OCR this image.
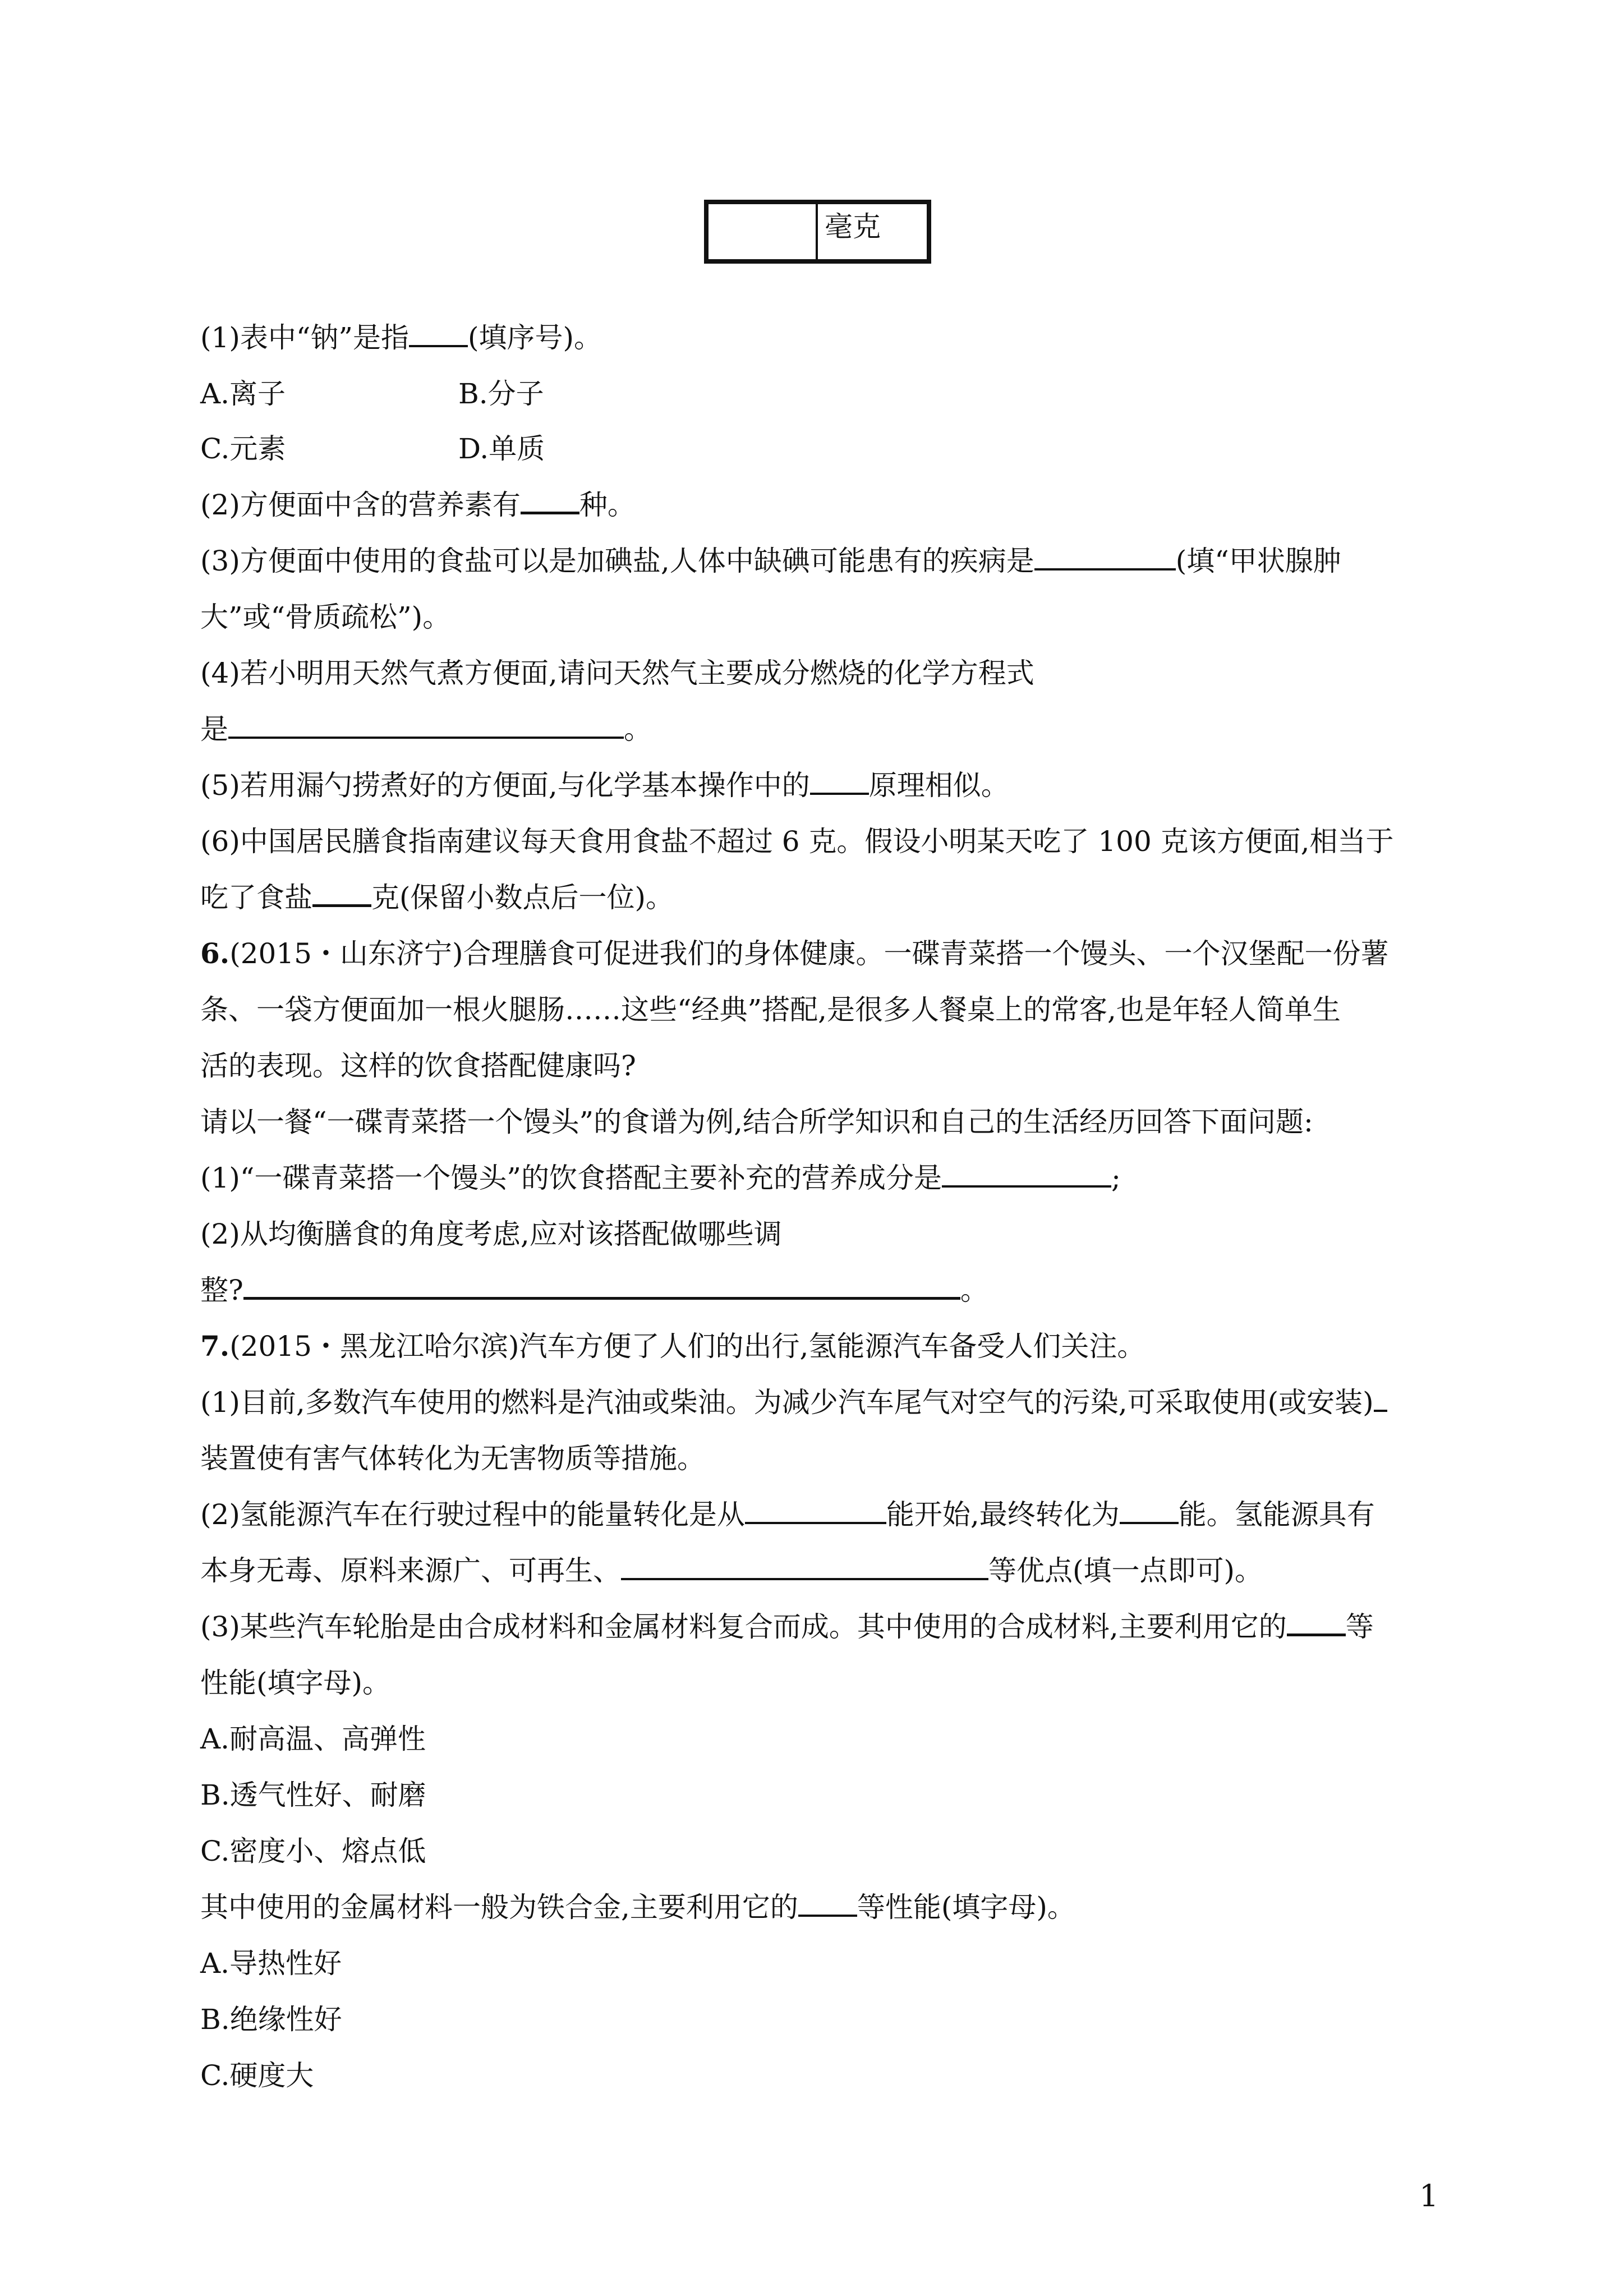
毫克
(1)表中“钠”是指 (填序号)。
A.离子	B.分子
C.元素	D.单质
(2)方便面中含的营养素有 种。
(3)方便面中使用的食盐可以是加碘盐,人体中缺碘可能患有的疾病是	(填“甲状腺肿
大”或“骨质疏松”)。
(4)若小明用天然气煮方便面,请问天然气主要成分燃烧的化学方程式
是	。
(5)若用漏勺捞煮好的方便面,与化学基本操作中的 原理相似。
(6)中国居民膳食指南建议每天食用食盐不超过 6 克。假设小明某天吃了 100 克该方便面,相当于
吃了食盐 克(保留小数点后一位)。
6.(2015・山东济宁)合理膳食可促进我们的身体健康。一碟青菜搭一个馒头、一个汉堡配一份薯
条、一袋方便面加一根火腿肠……这些“经典”搭配,是很多人餐桌上的常客,也是年轻人简单生
活的表现。这样的饮食搭配健康吗?
请以一餐“一碟青菜搭一个馒头”的食谱为例,结合所学知识和自己的生活经历回答下面问题:
(1)“一碟青菜搭一个馒头”的饮食搭配主要补充的营养成分是	;
(2)从均衡膳食的角度考虑,应对该搭配做哪些调
整?	。
7.(2015・黑龙江哈尔滨)汽车方便了人们的出行,氢能源汽车备受人们关注。
(1)目前,多数汽车使用的燃料是汽油或柴油。为减少汽车尾气对空气的污染,可采取使用(或安装)
装置使有害气体转化为无害物质等措施。
(2)氢能源汽车在行驶过程中的能量转化是从	能开始,最终转化为 能。氢能源具有
本身无毒、原料来源广、可再生、	等优点(填一点即可)。
(3)某些汽车轮胎是由合成材料和金属材料复合而成。其中使用的合成材料,主要利用它的 等
性能(填字母)。
A.耐高温、高弹性
B.透气性好、耐磨
C.密度小、熔点低
其中使用的金属材料一般为铁合金,主要利用它的 等性能(填字母)。
A.导热性好
B.绝缘性好
C.硬度大
1
